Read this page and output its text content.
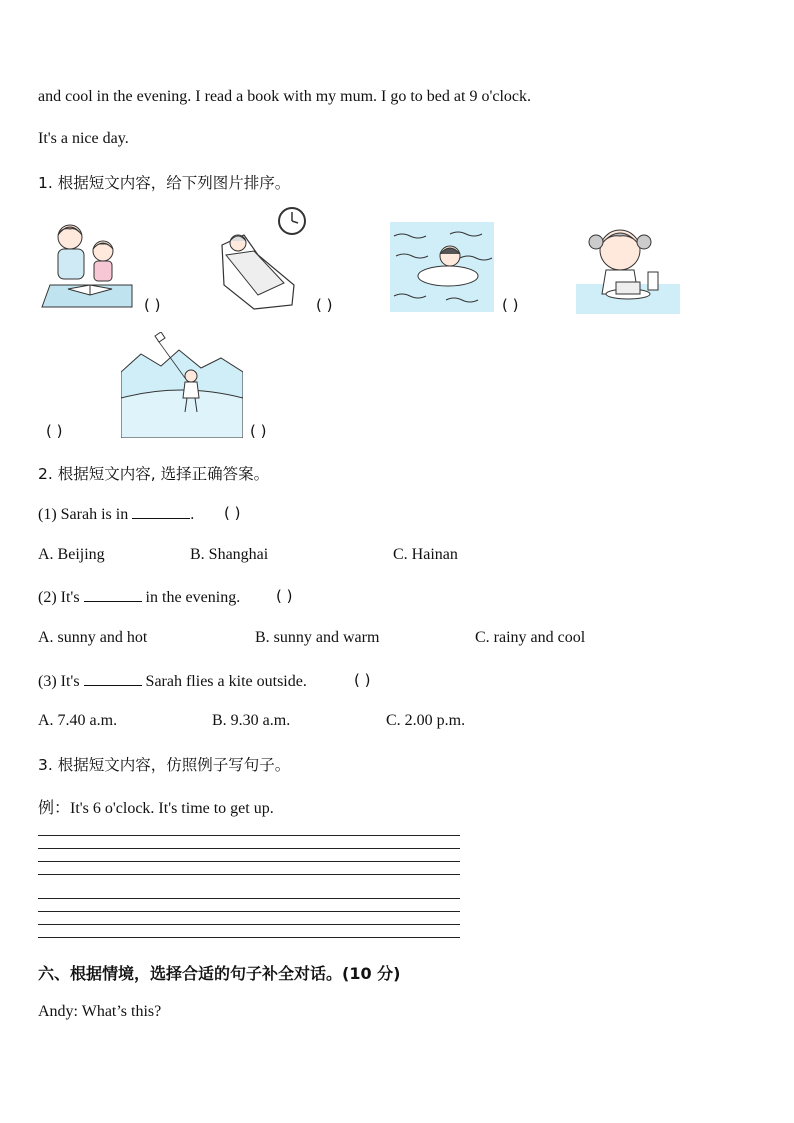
and cool in the evening. I read a book with my mum. I go to bed at 9 o'clock.
It's a nice day.
1. 根据短文内容，给下列图片排序。
( )	( )	( )
( )	( )
2. 根据短文内容, 选择正确答案。
(1) Sarah is in	. ( )
A. Beijing	B. Shanghai	C. Hainan
(2) It's	in the evening. ( )
A. sunny and hot	B. sunny and warm	C. rainy and cool
(3) It's	Sarah flies a kite outside.	( )
A. 7.40 a.m.	B. 9.30 a.m.	C. 2.00 p.m.
3. 根据短文内容，仿照例子写句子。
例：It's 6 o'clock. It's time to get up.
六、根据情境，选择合适的句子补全对话。(10 分)
Andy: What’s this?
